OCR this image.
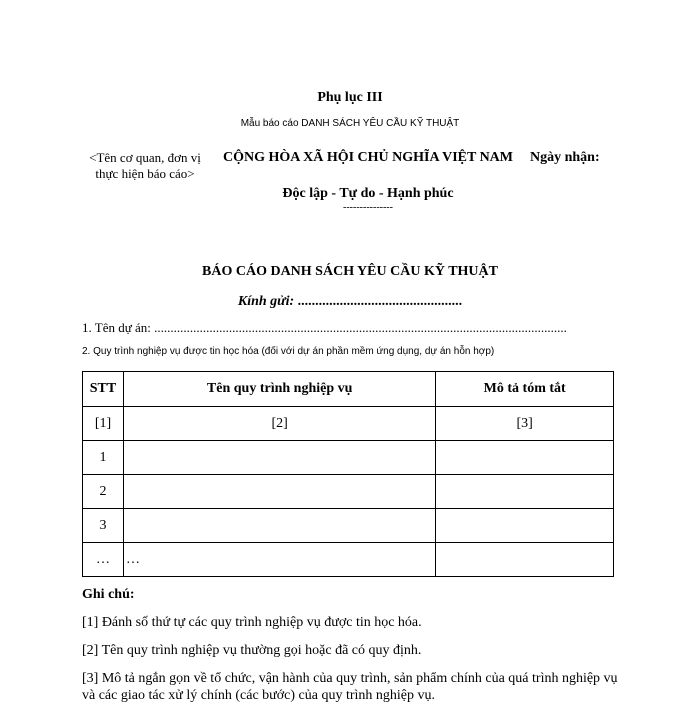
Phụ lục III
Mẫu báo cáo DANH SÁCH YÊU CẦU KỸ THUẬT
<Tên cơ quan, đơn vị
thực hiện báo cáo>
CỘNG HÒA XÃ HỘI CHỦ NGHĨA VIỆT NAM
Độc lập - Tự do - Hạnh phúc
---------------
Ngày nhận:
BÁO CÁO DANH SÁCH YÊU CẦU KỸ THUẬT
Kính gửi: ...............................................
1. Tên dự án: ...............................................................................................................................
2. Quy trình nghiệp vụ được tin học hóa (đối với dự án phần mềm ứng dụng, dự án hỗn hợp)
STT	Tên quy trình nghiệp vụ	Mô tả tóm tắt
[1]	[2]	[3]
1		
2		
3		
…	…	
Ghi chú:
[1] Đánh số thứ tự các quy trình nghiệp vụ được tin học hóa.
[2] Tên quy trình nghiệp vụ thường gọi hoặc đã có quy định.
[3] Mô tả ngắn gọn về tổ chức, vận hành của quy trình, sản phẩm chính của quá trình nghiệp vụ và các giao tác xử lý chính (các bước) của quy trình nghiệp vụ.
